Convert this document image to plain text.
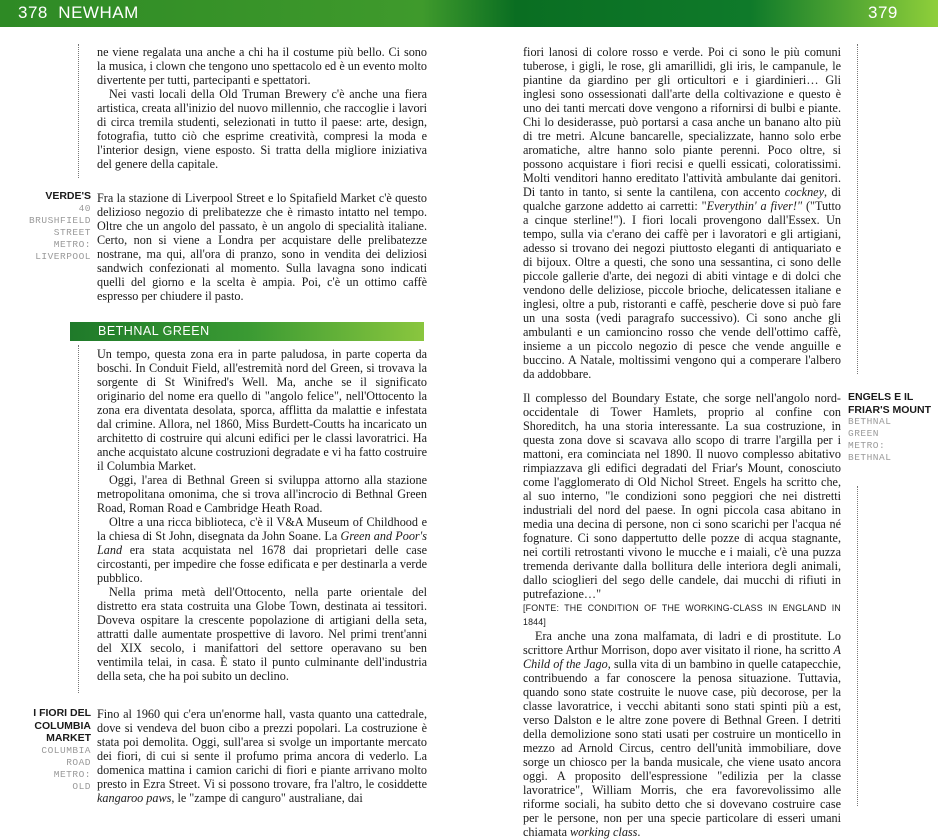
378  NEWHAM	379

ne viene regalata una anche a chi ha il costume più bello. Ci sono la musica, i clown che tengono uno spettacolo ed è un evento molto divertente per tutti, partecipanti e spettatori.

Nei vasti locali della Old Truman Brewery c'è anche una fiera artistica, creata all'inizio del nuovo millennio, che raccoglie i lavori di circa tremila studenti, selezionati in tutto il paese: arte, design, fotografia, tutto ciò che esprime creatività, compresi la moda e l'interior design, viene esposto. Si tratta della migliore iniziativa del genere della capitale.

VERDE'S
40
BRUSHFIELD
STREET
METRO:
LIVERPOOL

Fra la stazione di Liverpool Street e lo Spitafield Market c'è questo delizioso negozio di prelibatezze che è rimasto intatto nel tempo. Oltre che un angolo del passato, è un angolo di specialità italiane. Certo, non si viene a Londra per acquistare delle prelibatezze nostrane, ma qui, all'ora di pranzo, sono in vendita dei deliziosi sandwich confezionati al momento. Sulla lavagna sono indicati quelli del giorno e la scelta è ampia. Poi, c'è un ottimo caffè espresso per chiudere il pasto.

BETHNAL GREEN

Un tempo, questa zona era in parte paludosa, in parte coperta da boschi. In Conduit Field, all'estremità nord del Green, si trovava la sorgente di St Winifred's Well. Ma, anche se il significato originario del nome era quello di "angolo felice", nell'Ottocento la zona era diventata desolata, sporca, afflitta da malattie e infestata dal crimine. Allora, nel 1860, Miss Burdett-Coutts ha incaricato un architetto di costruire qui alcuni edifici per le classi lavoratrici. Ha anche acquistato alcune costruzioni degradate e vi ha fatto costruire il Columbia Market.

Oggi, l'area di Bethnal Green si sviluppa attorno alla stazione metropolitana omonima, che si trova all'incrocio di Bethnal Green Road, Roman Road e Cambridge Heath Road.

Oltre a una ricca biblioteca, c'è il V&A Museum of Childhood e la chiesa di St John, disegnata da John Soane. La Green and Poor's Land era stata acquistata nel 1678 dai proprietari delle case circostanti, per impedire che fosse edificata e per destinarla a verde pubblico.

Nella prima metà dell'Ottocento, nella parte orientale del distretto era stata costruita una Globe Town, destinata ai tessitori. Doveva ospitare la crescente popolazione di artigiani della seta, attratti dalle aumentate prospettive di lavoro. Nel primi trent'anni del XIX secolo, i manifattori del settore operavano su ben ventimila telai, in casa. È stato il punto culminante dell'industria della seta, che ha poi subito un declino.

I FIORI DEL
COLUMBIA
MARKET
COLUMBIA
ROAD
METRO:
OLD

Fino al 1960 qui c'era un'enorme hall, vasta quanto una cattedrale, dove si vendeva del buon cibo a prezzi popolari. La costruzione è stata poi demolita. Oggi, sull'area si svolge un importante mercato dei fiori, di cui si sente il profumo prima ancora di vederlo. La domenica mattina i camion carichi di fiori e piante arrivano molto presto in Ezra Street. Vi si possono trovare, fra l'altro, le cosiddette kangaroo paws, le "zampe di canguro" australiane, dai

fiori lanosi di colore rosso e verde. Poi ci sono le più comuni tuberose, i gigli, le rose, gli amarillidi, gli iris, le campanule, le piantine da giardino per gli orticultori e i giardinieri… Gli inglesi sono ossessionati dall'arte della coltivazione e questo è uno dei tanti mercati dove vengono a rifornirsi di bulbi e piante. Chi lo desiderasse, può portarsi a casa anche un banano alto più di tre metri. Alcune bancarelle, specializzate, hanno solo erbe aromatiche, altre hanno solo piante perenni. Poco oltre, si possono acquistare i fiori recisi e quelli essicati, coloratissimi. Molti venditori hanno ereditato l'attività ambulante dai genitori. Di tanto in tanto, si sente la cantilena, con accento cockney, di qualche garzone addetto ai carretti: "Everythin' a fiver!" ("Tutto a cinque sterline!"). I fiori locali provengono dall'Essex. Un tempo, sulla via c'erano dei caffè per i lavoratori e gli artigiani, adesso si trovano dei negozi piuttosto eleganti di antiquariato e di bijoux. Oltre a questi, che sono una sessantina, ci sono delle piccole gallerie d'arte, dei negozi di abiti vintage e di dolci che vendono delle deliziose, piccole brioche, delicatessen italiane e inglesi, oltre a pub, ristoranti e caffè, pescherie dove si può fare un una sosta (vedi paragrafo successivo). Ci sono anche gli ambulanti e un camioncino rosso che vende dell'ottimo caffè, insieme a un piccolo negozio di pesce che vende anguille e buccino. A Natale, moltissimi vengono qui a comperare l'albero da addobbare.

ENGELS E IL
FRIAR'S MOUNT
BETHNAL
GREEN
METRO:
BETHNAL

Il complesso del Boundary Estate, che sorge nell'angolo nord-occidentale di Tower Hamlets, proprio al confine con Shoreditch, ha una storia interessante. La sua costruzione, in questa zona dove si scavava allo scopo di trarre l'argilla per i mattoni, era cominciata nel 1890. Il nuovo complesso abitativo rimpiazzava gli edifici degradati del Friar's Mount, conosciuto come l'agglomerato di Old Nichol Street. Engels ha scritto che, al suo interno, "le condizioni sono peggiori che nei distretti industriali del nord del paese. In ogni piccola casa abitano in media una decina di persone, non ci sono scarichi per l'acqua né fognature. Ci sono dappertutto delle pozze di acqua stagnante, nei cortili retrostanti vivono le mucche e i maiali, c'è una puzza tremenda derivante dalla bollitura delle interiora degli animali, dallo scioglieri del sego delle candele, dai mucchi di rifiuti in putrefazione…"

[FONTE: THE CONDITION OF THE WORKING-CLASS IN ENGLAND IN 1844]

Era anche una zona malfamata, di ladri e di prostitute. Lo scrittore Arthur Morrison, dopo aver visitato il rione, ha scritto A Child of the Jago, sulla vita di un bambino in quelle catapecchie, contribuendo a far conoscere la penosa situazione. Tuttavia, quando sono state costruite le nuove case, più decorose, per la classe lavoratrice, i vecchi abitanti sono stati spinti più a est, verso Dalston e le altre zone povere di Bethnal Green. I detriti della demolizione sono stati usati per costruire un monticello in mezzo ad Arnold Circus, centro dell'unità immobiliare, dove sorge un chiosco per la banda musicale, che viene usato ancora oggi. A proposito dell'espressione "edilizia per la classe lavoratrice", William Morris, che era favorevolissimo alle riforme sociali, ha subito detto che si dovevano costruire case per le persone, non per una specie particolare di esseri umani chiamata working class.
